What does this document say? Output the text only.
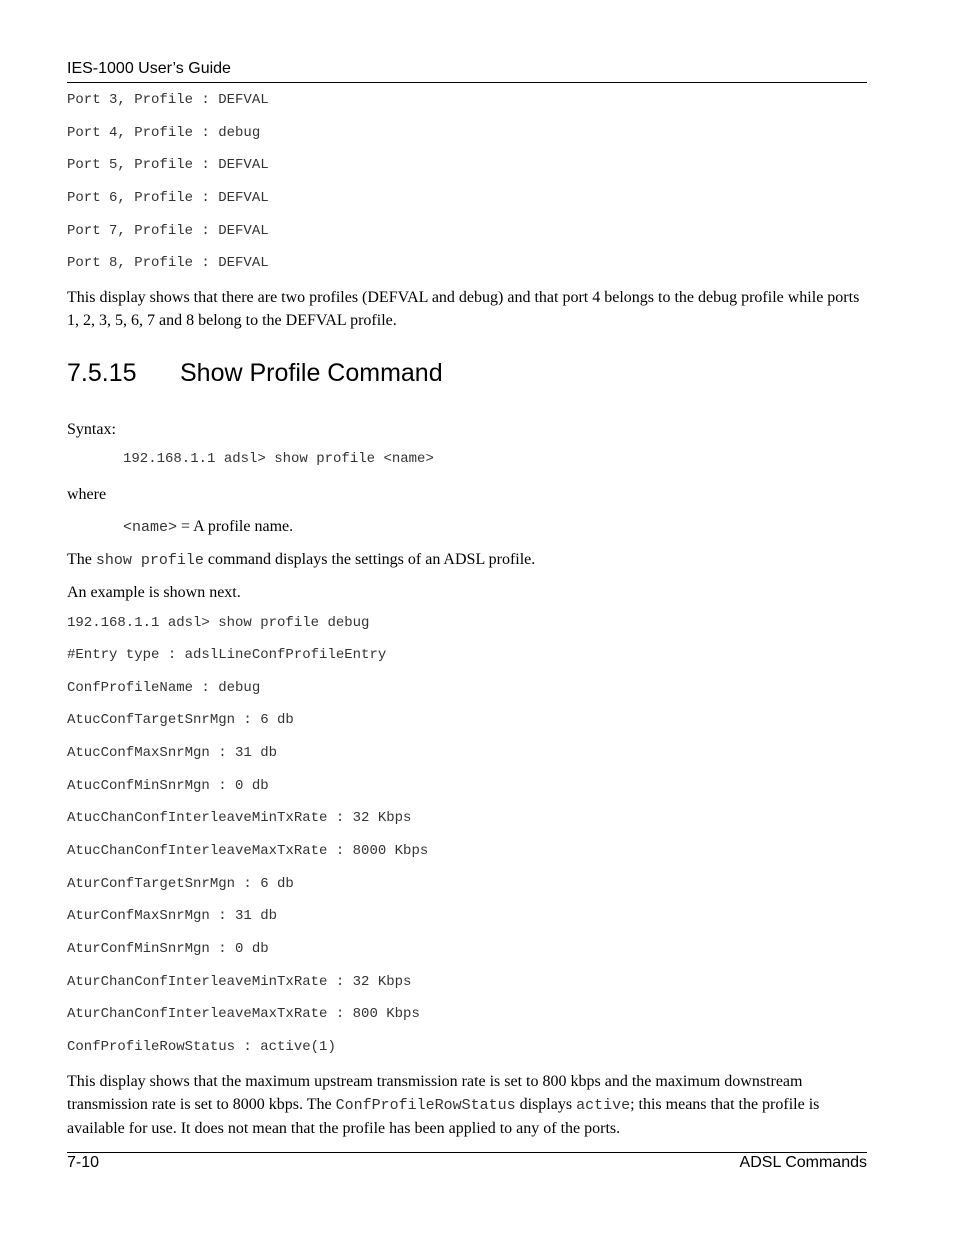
IES-1000 User’s Guide
Port 3, Profile : DEFVAL
Port 4, Profile : debug
Port 5, Profile : DEFVAL
Port 6, Profile : DEFVAL
Port 7, Profile : DEFVAL
Port 8, Profile : DEFVAL
This display shows that there are two profiles (DEFVAL and debug) and that port 4 belongs to the debug profile while ports 1, 2, 3, 5, 6, 7 and 8 belong to the DEFVAL profile.
7.5.15 Show Profile Command
Syntax:
192.168.1.1 adsl> show profile <name>
where
<name> = A profile name.
The show profile command displays the settings of an ADSL profile.
An example is shown next.
192.168.1.1 adsl> show profile debug
#Entry type : adslLineConfProfileEntry
ConfProfileName : debug
AtucConfTargetSnrMgn : 6 db
AtucConfMaxSnrMgn : 31 db
AtucConfMinSnrMgn : 0 db
AtucChanConfInterleaveMinTxRate : 32 Kbps
AtucChanConfInterleaveMaxTxRate : 8000 Kbps
AturConfTargetSnrMgn : 6 db
AturConfMaxSnrMgn : 31 db
AturConfMinSnrMgn : 0 db
AturChanConfInterleaveMinTxRate : 32 Kbps
AturChanConfInterleaveMaxTxRate : 800 Kbps
ConfProfileRowStatus : active(1)
This display shows that the maximum upstream transmission rate is set to 800 kbps and the maximum downstream transmission rate is set to 8000 kbps. The ConfProfileRowStatus displays active; this means that the profile is available for use. It does not mean that the profile has been applied to any of the ports.
7-10	ADSL Commands
